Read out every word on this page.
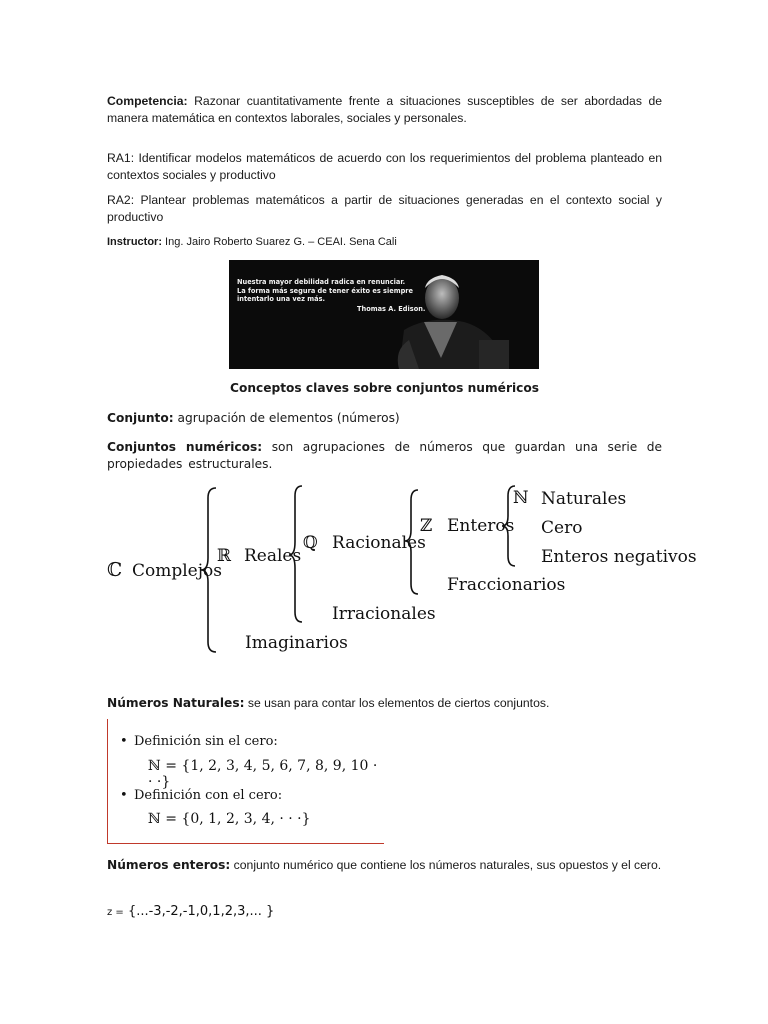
Competencia: Razonar cuantitativamente frente a situaciones susceptibles de ser abordadas de manera matemática en contextos laborales, sociales y personales.
RA1: Identificar modelos matemáticos de acuerdo con los requerimientos del problema planteado en contextos sociales y productivo
RA2: Plantear problemas matemáticos a partir de situaciones generadas en el contexto social y productivo
Instructor: Ing. Jairo Roberto Suarez G. – CEAI. Sena Cali
Nuestra mayor debilidad radica en renunciar.
La forma más segura de tener éxito es siempre
intentarlo una vez más.
Thomas A. Edison.
Conceptos claves sobre conjuntos numéricos
Conjunto: agrupación de elementos (números)
Conjuntos numéricos: son agrupaciones de números que guardan una serie de propiedades estructurales.
ℂ Complejos
ℝ Reales
ℚ Racionales
ℤ Enteros
ℕ Naturales
Cero
Enteros negativos
Fraccionarios
Irracionales
Imaginarios
Números Naturales: se usan para contar los elementos de ciertos conjuntos.
• Definición sin el cero:
ℕ = {1, 2, 3, 4, 5, 6, 7, 8, 9, 10 · · ·}
• Definición con el cero:
ℕ = {0, 1, 2, 3, 4, · · ·}
Números enteros: conjunto numérico que contiene los números naturales, sus opuestos y el cero.
z = {...-3,-2,-1,0,1,2,3,... }
